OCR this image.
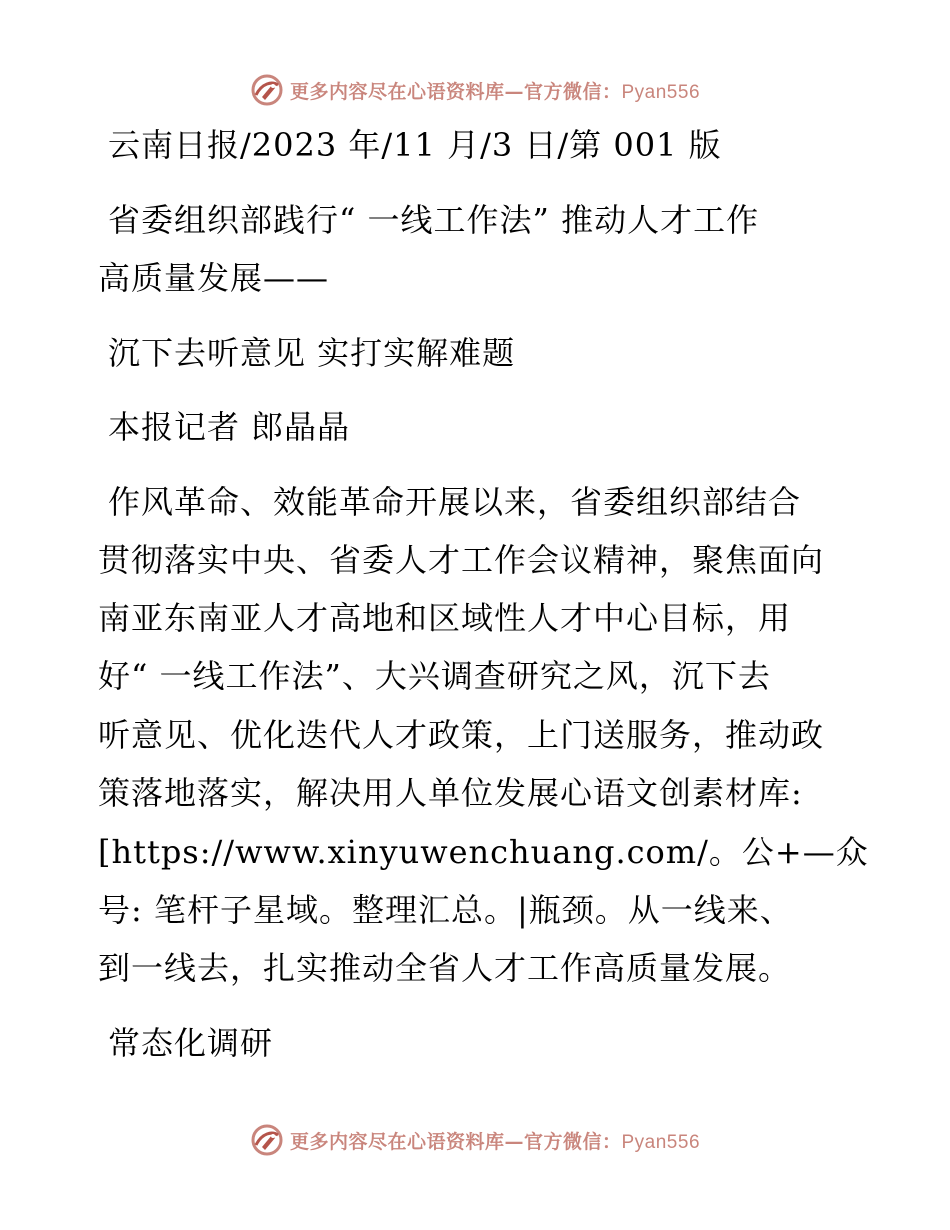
更多内容尽在心语资料库—官方微信：Pyan556
云南日报/2023 年/11 月/3 日/第 001 版
省委组织部践行“ 一线工作法” 推动人才工作
高质量发展——
沉下去听意见 实打实解难题
本报记者 郎晶晶
作风革命、效能革命开展以来，省委组织部结合
贯彻落实中央、省委人才工作会议精神，聚焦面向
南亚东南亚人才高地和区域性人才中心目标，用
好“ 一线工作法”、大兴调查研究之风，沉下去
听意见、优化迭代人才政策，上门送服务，推动政
策落地落实，解决用人单位发展心语文创素材库:
[https://www.xinyuwenchuang.com/。公+—众
号: 笔杆子星域。整理汇总。|瓶颈。从一线来、
到一线去，扎实推动全省人才工作高质量发展。
常态化调研
更多内容尽在心语资料库—官方微信：Pyan556
